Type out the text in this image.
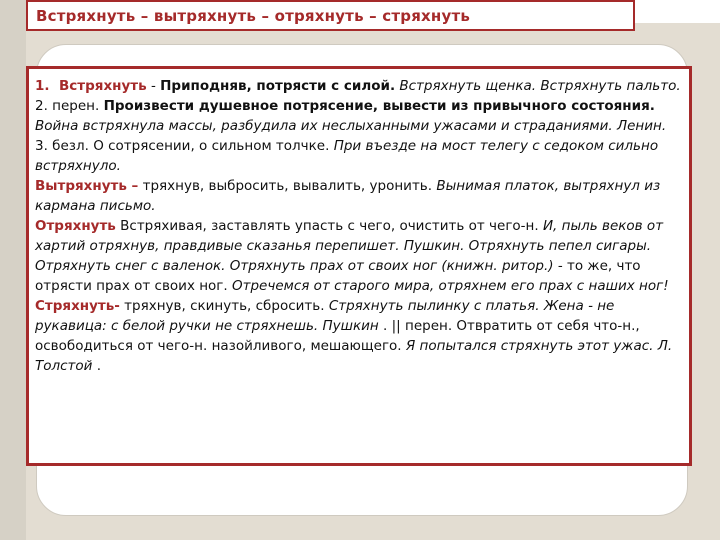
Встряхнуть – вытряхнуть – отряхнуть – стряхнуть
1. Встряхнуть - Приподняв, потрясти с силой. Встряхнуть щенка. Встряхнуть пальто.

2. перен. Произвести душевное потрясение, вывести из привычного состояния. Война встряхнула массы, разбудила их неслыханными ужасами и страданиями. Ленин.

3. безл. О сотрясении, о сильном толчке. При въезде на мост телегу с седоком сильно встряхнуло.

Вытряхнуть – тряхнув, выбросить, вывалить, уронить. Вынимая платок, вытряхнул из кармана письмо.

Отряхнуть Встряхивая, заставлять упасть с чего, очистить от чего-н. И, пыль веков от хартий отряхнув, правдивые сказанья перепишет. Пушкин. Отряхнуть пепел сигары. Отряхнуть снег с валенок. Отряхнуть прах от своих ног (книжн. ритор.) - то же, что отрясти прах от своих ног. Отречемся от старого мира, отряхнем его прах с наших ног!

Стряхнуть- тряхнув, скинуть, сбросить. Стряхнуть пылинку с платья. Жена - не рукавица: с белой ручки не стряхнешь. Пушкин . || перен. Отвратить от себя что-н., освободиться от чего-н. назойливого, мешающего. Я попытался стряхнуть этот ужас. Л. Толстой .
